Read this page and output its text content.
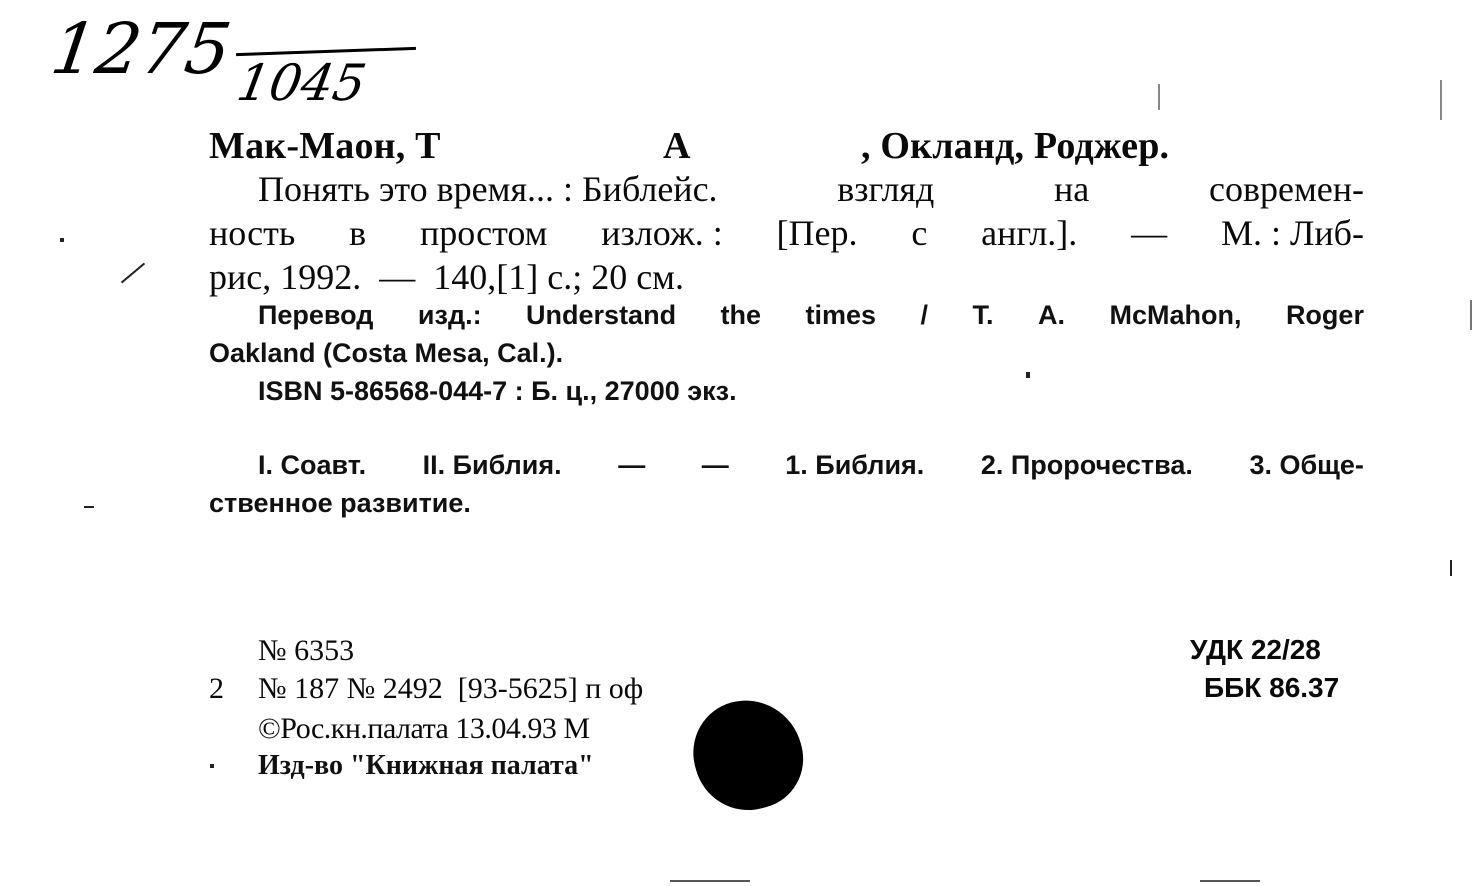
1275
1045
Мак-Маон, Т	А	, Окланд, Роджер.
Понять это время... : Библейс.	взгляд	на	современ-
ность в простом излож. : [Пер. с англ.]. — М. : Либ-
рис, 1992.  —  140,[1] с.; 20 см.
Перевод изд.: Understand the times / T. A. McMahon, Roger
Oakland (Costa Mesa, Cal.).
ISBN 5-86568-044-7 : Б. ц., 27000 экз.
I. Соавт. II. Библия. — — 1. Библия. 2. Пророчества. 3. Обще-
ственное развитие.
№ 6353
2 № 187 № 2492  [93-5625] п оф
©Рос.кн.палата 13.04.93 М
Изд-во "Книжная палата"
УДК 22/28
ББК 86.37
